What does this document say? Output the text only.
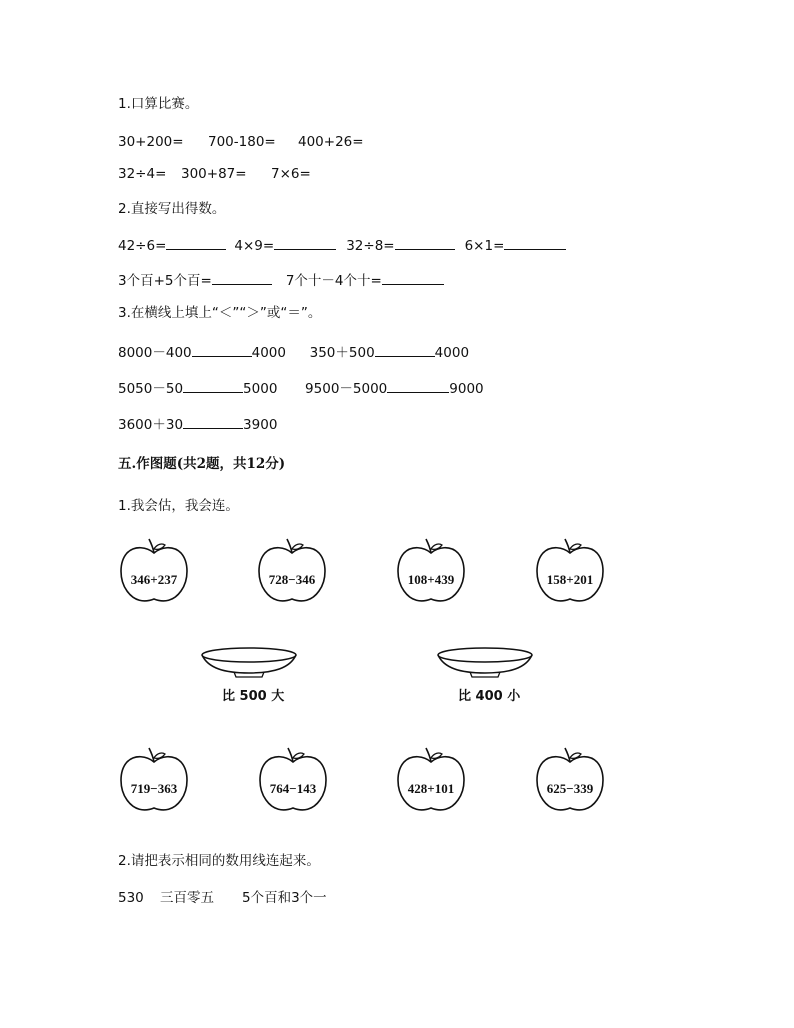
1.口算比赛。
30+200= 700-180= 400+26=
32÷4= 300+87= 7×6=
2.直接写出得数。
42÷6=	4×9=	32÷8=	6×1=
3个百+5个百=	7个十－4个十=
3.在横线上填上“＜”“＞”或“＝”。
8000－400	4000 350＋500	4000
5050－50	5000 9500－5000	9000
3600＋30	3900
五.作图题(共2题，共12分)
1.我会估，我会连。
346+237	728−346	108+439	158+201
比 500 大	比 400 小
719−363	764−143	428+101	625−339
2.请把表示相同的数用线连起来。
530 三百零五 5个百和3个一
